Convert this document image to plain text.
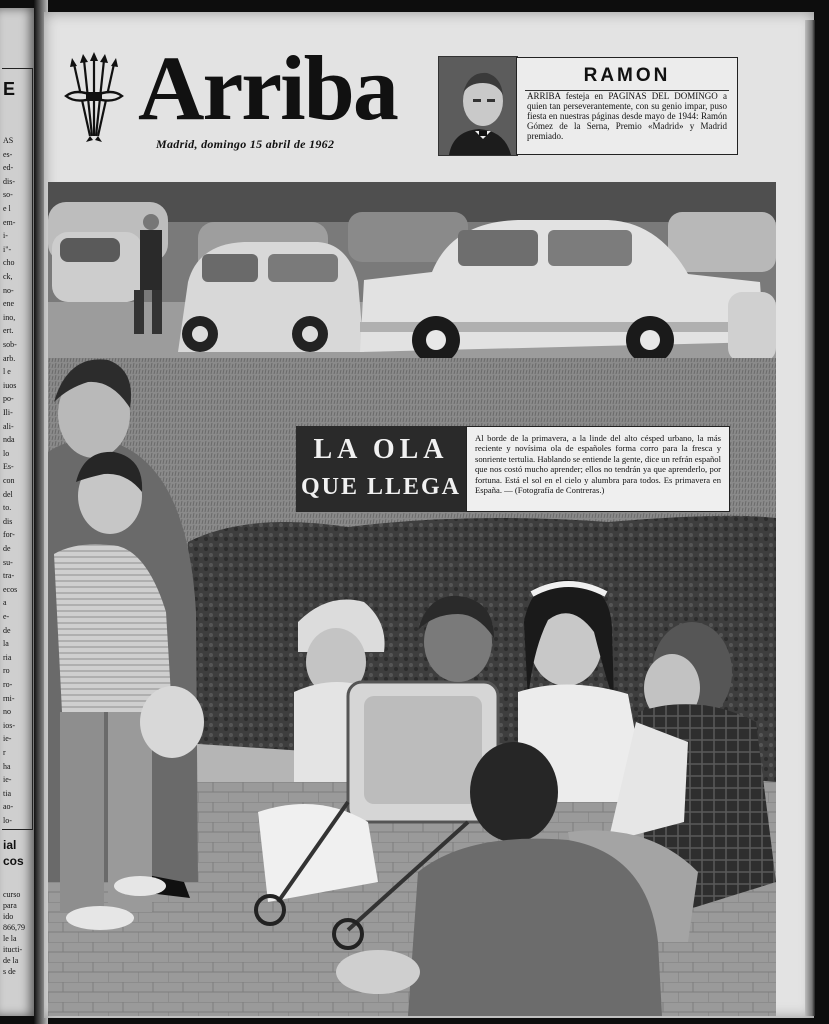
E
AS
es-
ed-
dis-
so-
e l
em-
i-
i"-
cho
ck,
no-
ene
ino,
ert.
sob-
arb.
l e
iuos
po-
Ili-
ali-
nda
lo
Es-
con
del
to.
dis
for-
de
su-
tra-
ecos
a
e-
de
la
ria
ro
ro-
rni-
no
ios-
ie-
r
ha
ie-
tia
ao-
lo-
ial
cos
curso
para
ido
866,79
le la
itucti-
de la
s de
Arriba
Madrid, domingo 15 abril de 1962
RAMON
ARRIBA festeja en PAGINAS DEL DOMINGO a quien tan perseverantemente, con su genio impar, puso fiesta en nuestras páginas desde mayo de 1944: Ramón Gómez de la Serna, Premio «Madrid» y Madrid premiado.
LA OLA
QUE LLEGA
Al borde de la primavera, a la linde del alto césped urbano, la más reciente y novísima ola de españoles forma corro para la fresca y sonriente tertulia. Hablando se entiende la gente, dice un refrán español que nos costó mucho aprender; ellos no tendrán ya que aprenderlo, por fortuna. Está el sol en el cielo y alumbra para todos. Es primavera en España. — (Fotografía de Contreras.)
